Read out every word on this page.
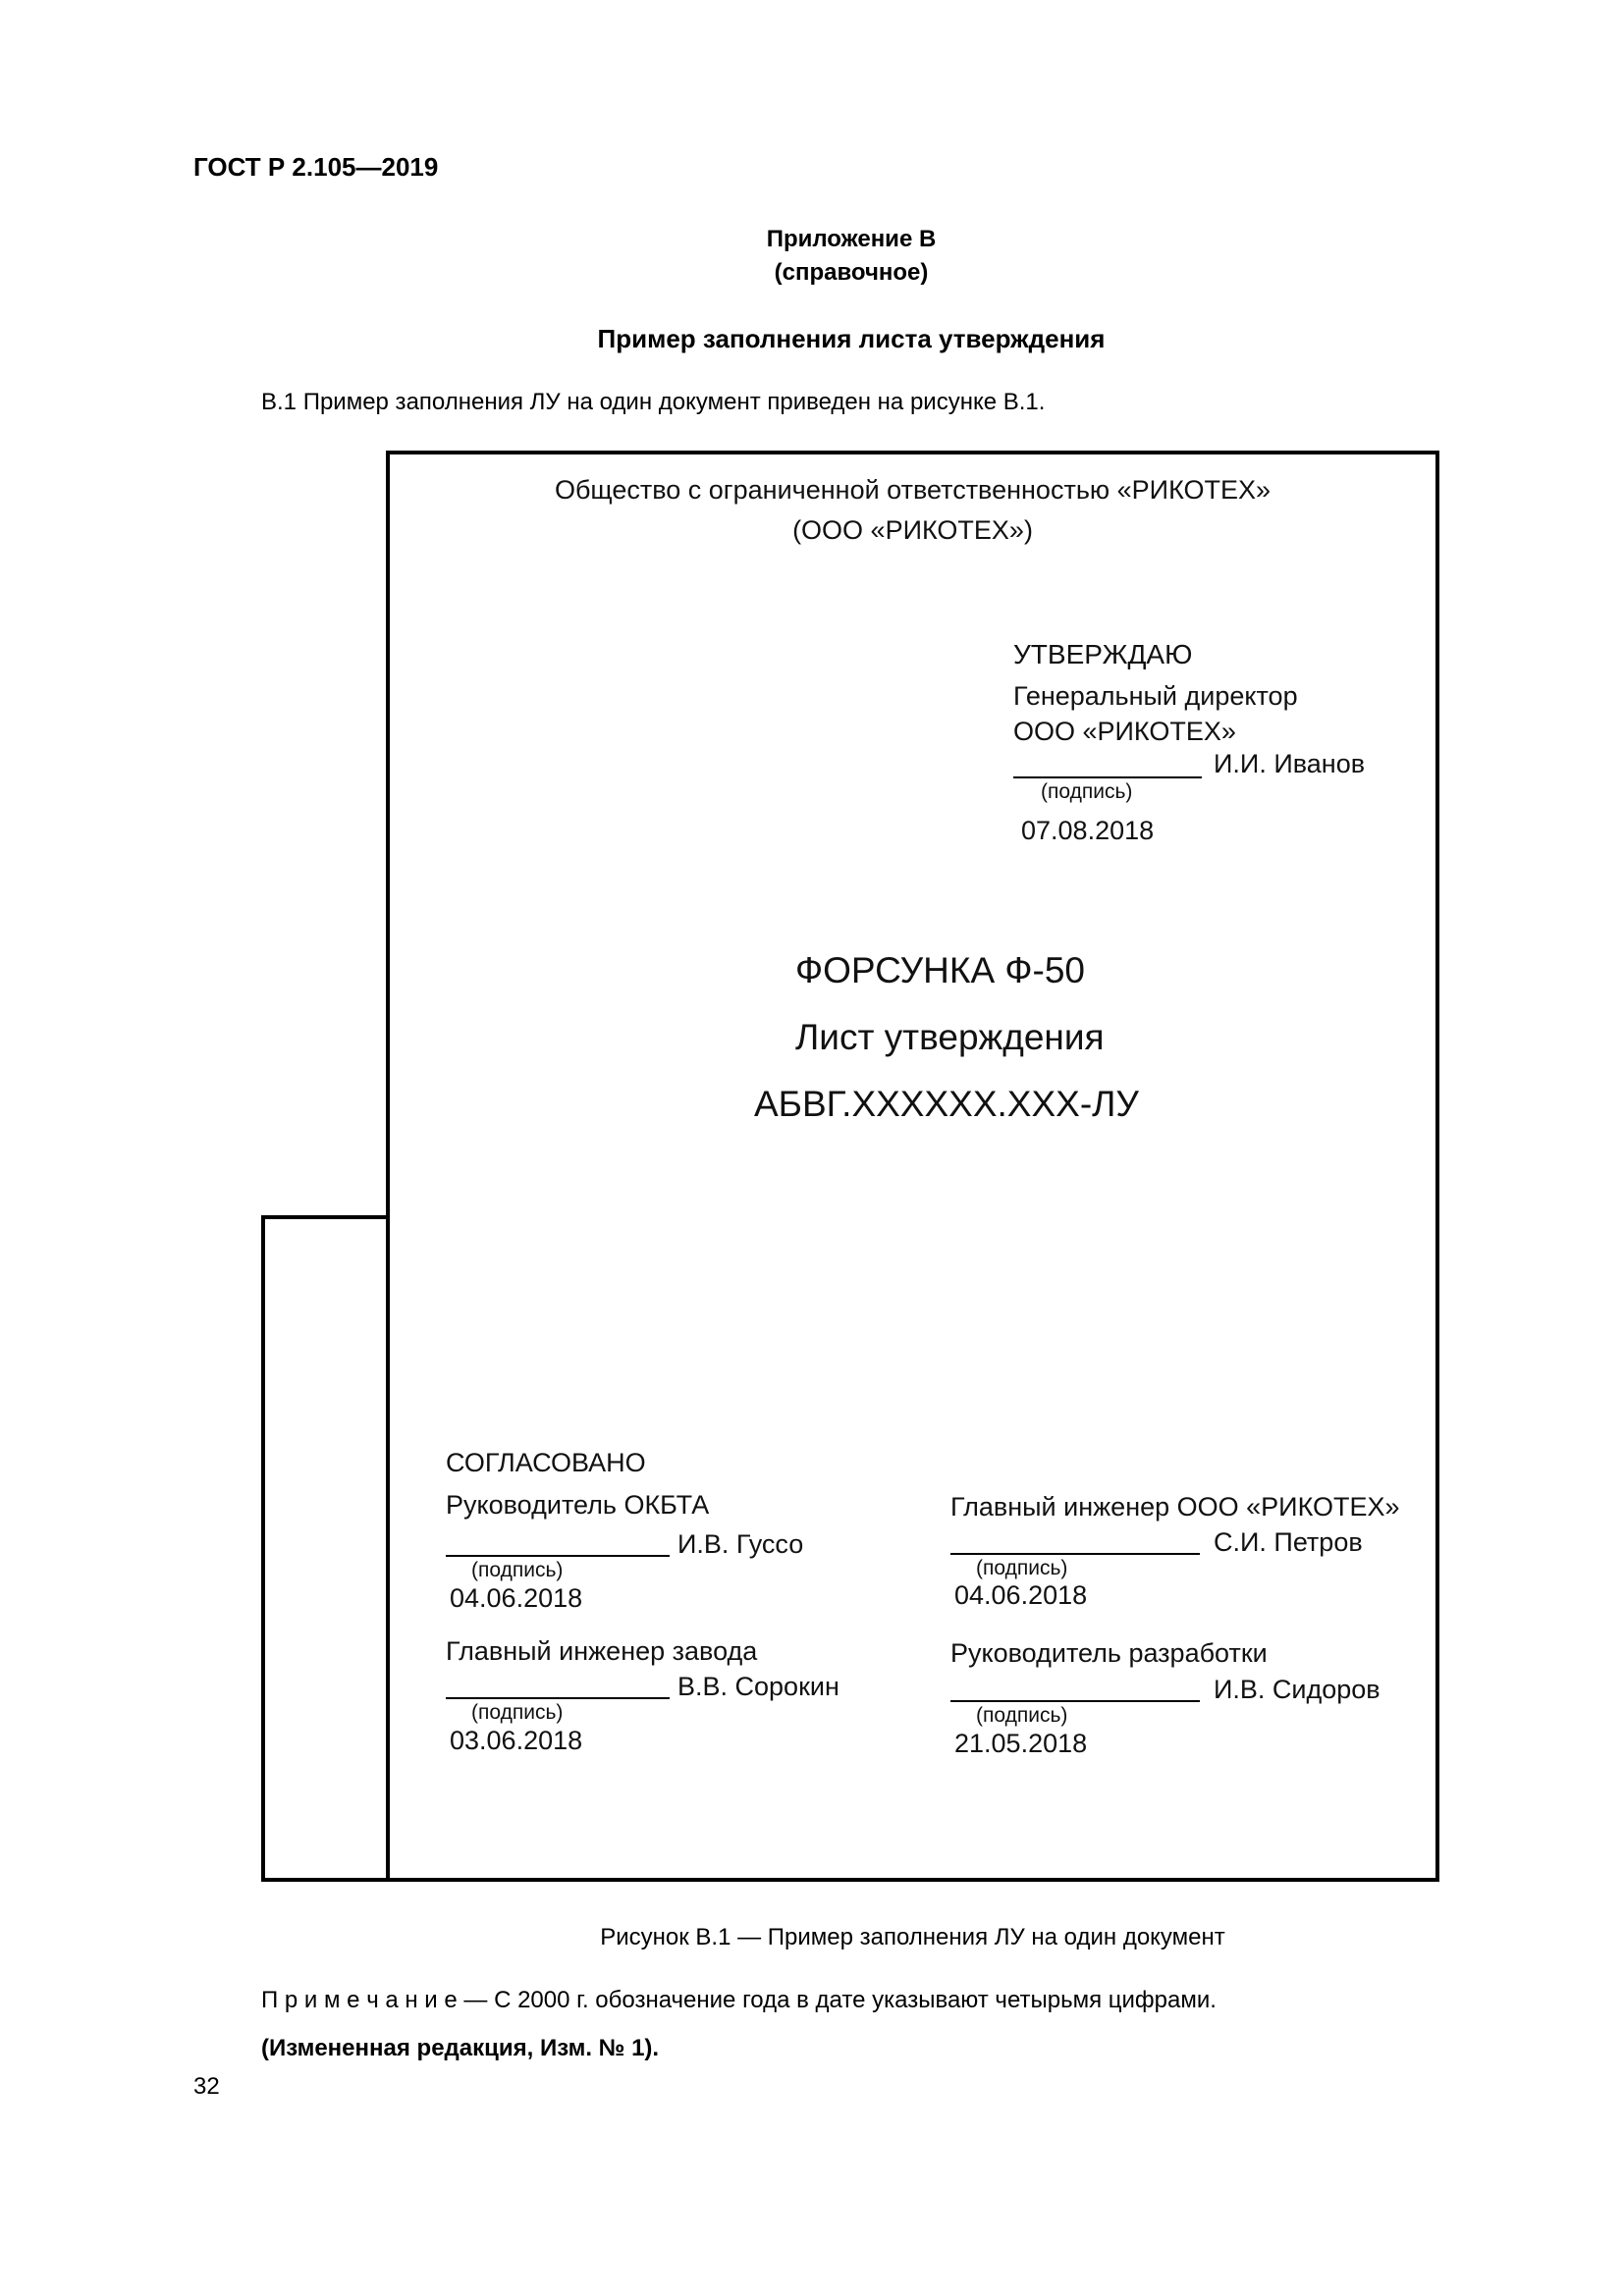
ГОСТ Р 2.105—2019
Приложение В
(справочное)
Пример заполнения листа утверждения
В.1 Пример заполнения ЛУ на один документ приведен на рисунке В.1.
Общество с ограниченной ответственностью «РИКОТЕХ»
(ООО «РИКОТЕХ»)
УТВЕРЖДАЮ
Генеральный директор
ООО «РИКОТЕХ»
И.И. Иванов
(подпись)
07.08.2018
ФОРСУНКА Ф-50
Лист утверждения
АБВГ.XXXXXX.XXX-ЛУ
СОГЛАСОВАНО
Руководитель ОКБТА
И.В. Гуссо
(подпись)
04.06.2018
Главный инженер завода
В.В. Сорокин
(подпись)
03.06.2018
Главный инженер ООО «РИКОТЕХ»
С.И. Петров
(подпись)
04.06.2018
Руководитель разработки
И.В. Сидоров
(подпись)
21.05.2018
Рисунок В.1 — Пример заполнения ЛУ на один документ
П р и м е ч а н и е — С 2000 г. обозначение года в дате указывают четырьмя цифрами.
(Измененная редакция, Изм. № 1).
32
